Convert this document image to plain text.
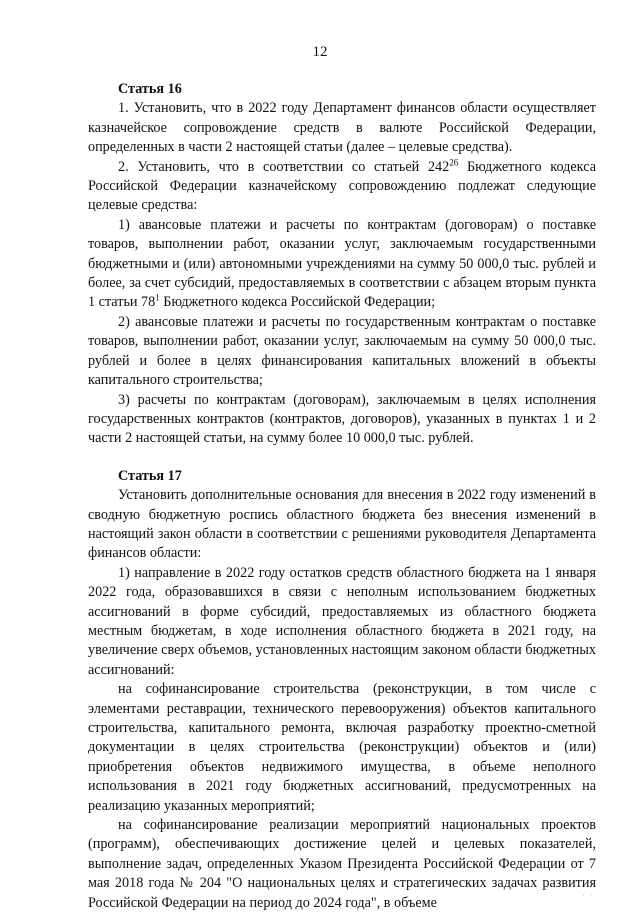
12

Статья 16

1. Установить, что в 2022 году Департамент финансов области осуществляет казначейское сопровождение средств в валюте Российской Федерации, определенных в части 2 настоящей статьи (далее – целевые средства).

2. Установить, что в соответствии со статьей $242^{26}$ Бюджетного кодекса Российской Федерации казначейскому сопровождению подлежат следующие целевые средства:

1) авансовые платежи и расчеты по контрактам (договорам) о поставке товаров, выполнении работ, оказании услуг, заключаемым государственными бюджетными и (или) автономными учреждениями на сумму 50 000,0 тыс. рублей и более, за счет субсидий, предоставляемых в соответствии с абзацем вторым пункта 1 статьи $78^1$ Бюджетного кодекса Российской Федерации;

2) авансовые платежи и расчеты по государственным контрактам о поставке товаров, выполнении работ, оказании услуг, заключаемым на сумму 50 000,0 тыс. рублей и более в целях финансирования капитальных вложений в объекты капитального строительства;

3) расчеты по контрактам (договорам), заключаемым в целях исполнения государственных контрактов (контрактов, договоров), указанных в пунктах 1 и 2 части 2 настоящей статьи, на сумму более 10 000,0 тыс. рублей.

Статья 17

Установить дополнительные основания для внесения в 2022 году изменений в сводную бюджетную роспись областного бюджета без внесения изменений в настоящий закон области в соответствии с решениями руководителя Департамента финансов области:

1) направление в 2022 году остатков средств областного бюджета на 1 января 2022 года, образовавшихся в связи с неполным использованием бюджетных ассигнований в форме субсидий, предоставляемых из областного бюджета местным бюджетам, в ходе исполнения областного бюджета в 2021 году, на увеличение сверх объемов, установленных настоящим законом области бюджетных ассигнований:

на софинансирование строительства (реконструкции, в том числе с элементами реставрации, технического перевооружения) объектов капитального строительства, капитального ремонта, включая разработку проектно-сметной документации в целях строительства (реконструкции) объектов и (или) приобретения объектов недвижимого имущества, в объеме неполного использования в 2021 году бюджетных ассигнований, предусмотренных на реализацию указанных мероприятий;

на софинансирование реализации мероприятий национальных проектов (программ), обеспечивающих достижение целей и целевых показателей, выполнение задач, определенных Указом Президента Российской Федерации от 7 мая 2018 года № 204 "О национальных целях и стратегических задачах развития Российской Федерации на период до 2024 года", в объеме	· ·
